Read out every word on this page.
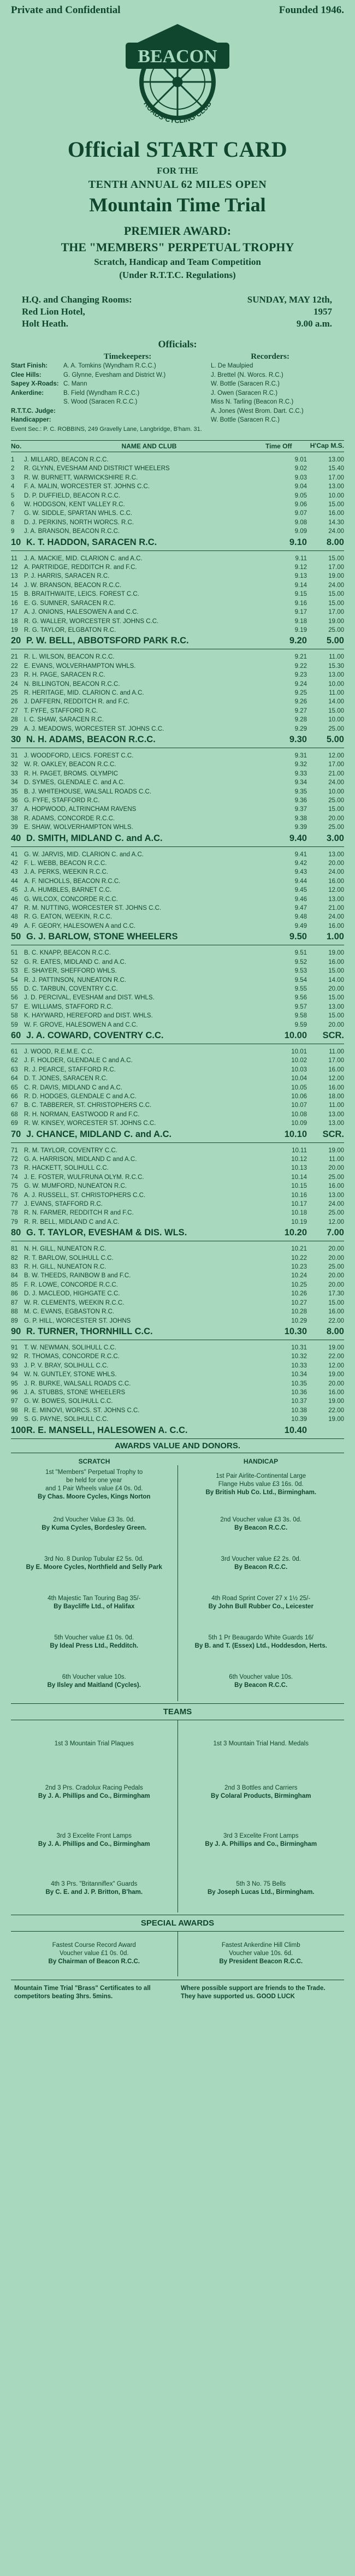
Private and Confidential	Founded 1946.
BEACON
ROADS·CYCLING·CLUB
Official START CARD
FOR THE
TENTH ANNUAL 62 MILES OPEN
Mountain Time Trial
PREMIER AWARD:
THE "MEMBERS" PERPETUAL TROPHY
Scratch, Handicap and Team Competition
(Under R.T.T.C. Regulations)
H.Q. and Changing Rooms:
Red Lion Hotel,
Holt Heath.
SUNDAY, MAY 12th,
1957
9.00 a.m.
Officials:
Timekeepers:	Recorders:
Start Finish:	A. A. Tomkins (Wyndham R.C.C.)	L. De Maulpied
Clee Hills:	G. Glynne, Evesham and District W.)	J. Brettel (N. Worcs. R.C.)
Sapey X-Roads: C. Mann	W. Bottle (Saracen R.C.)
Ankerdine:	B. Field (Wyndham R.C.C.)	J. Owen (Saracen R.C.)
S. Wood (Saracen R.C.C.)	Miss N. Tarling (Beacon R.C.)
R.T.T.C. Judge:	A. Jones (West Brom. Dart. C.C.)
Handicapper:	W. Bottle (Saracen R.C.)
Event Sec.: P. C. ROBBINS, 249 Gravelly Lane, Langbridge, B'ham. 31.
No.	NAME AND CLUB	Time Off	H'Cap M.S.
1	J. MILLARD, BEACON R.C.C.	9.01	13.00
2	R. GLYNN, EVESHAM AND DISTRICT WHEELERS	9.02	15.40
3	R. W. BURNETT, WARWICKSHIRE R.C.	9.03	17.00
4	F. A. MALIN, WORCESTER ST. JOHNS C.C.	9.04	13.00
5	D. P. DUFFIELD, BEACON R.C.C.	9.05	10.00
6	W. HODGSON, KENT VALLEY R.C.	9.06	15.00
7	G. W. SIDDLE, SPARTAN WHLS. C.C.	9.07	16.00
8	D. J. PERKINS, NORTH WORCS. R.C.	9.08	14.30
9	J. A. BRANSON, BEACON R.C.C.	9.09	24.00
10 K. T. HADDON, SARACEN R.C.	9.10	8.00
11	J. A. MACKIE, MID. CLARION C. and A.C.	9.11	15.00
12 A. PARTRIDGE, REDDITCH R. and F.C.	9.12	17.00
13 P. J. HARRIS, SARACEN R.C.	9.13	19.00
14 J. W. BRANSON, BEACON R.C.C.	9.14	24.00
15 B. BRAITHWAITE, LEICS. FOREST C.C.	9.15	15.00
16 E. G. SUMNER, SARACEN R.C.	9.16	15.00
17 A. J. ONIONS, HALESOWEN A and C.C.	9.17	17.00
18 R. G. WALLER, WORCESTER ST. JOHNS C.C.	9.18	19.00
19 R. G. TAYLOR, ELGBATON R.C.	9.19	25.00
20 P. W. BELL, ABBOTSFORD PARK R.C.	9.20	5.00
21 R. L. WILSON, BEACON R.C.C.	9.21	11.00
22 E. EVANS, WOLVERHAMPTON WHLS.	9.22	15.30
23 R. H. PAGE, SARACEN R.C.	9.23	13.00
24 N. BILLINGTON, BEACON R.C.C.	9.24	10.00
25 R. HERITAGE, MID. CLARION C. and A.C.	9.25	11.00
26 J. DAFFERN, REDDITCH R. and F.C.	9.26	14.00
27 T. FYFE, STAFFORD R.C.	9.27	15.00
28 I. C. SHAW, SARACEN R.C.	9.28	10.00
29 A. J. MEADOWS, WORCESTER ST. JOHNS C.C.	9.29	25.00
30 N. H. ADAMS, BEACON R.C.C.	9.30	5.00
31 J. WOODFORD, LEICS. FOREST C.C.	9.31	12.00
32 W. R. OAKLEY, BEACON R.C.C.	9.32	17.00
33 R. H. PAGET, BROMS. OLYMPIC	9.33	21.00
34 D. SYMES, GLENDALE C. and A.C.	9.34	24.00
35 B. J. WHITEHOUSE, WALSALL ROADS C.C.	9.35	10.00
36 G. FYFE, STAFFORD R.C.	9.36	25.00
37 A. HOPWOOD, ALTRINCHAM RAVENS	9.37	15.00
38 R. ADAMS, CONCORDE R.C.C.	9.38	20.00
39 E. SHAW, WOLVERHAMPTON WHLS.	9.39	25.00
40 D. SMITH, MIDLAND C. and A.C.	9.40	3.00
41 G. W. JARVIS, MID. CLARION C. and A.C.	9.41	13.00
42 F. L. WEBB, BEACON R.C.C.	9.42	20.00
43 J. A. PERKS, WEEKIN R.C.C.	9.43	24.00
44 A. F. NICHOLLS, BEACON R.C.C.	9.44	16.00
45 J. A. HUMBLES, BARNET C.C.	9.45	12.00
46 G. WILCOX, CONCORDE R.C.C.	9.46	13.00
47 R. M. NUTTING, WORCESTER ST. JOHNS C.C.	9.47	21.00
48 R. G. EATON, WEEKIN, R.C.C.	9.48	24.00
49 A. F. GEORY, HALESOWEN A and C.C.	9.49	16.00
50 G. J. BARLOW, STONE WHEELERS	9.50	1.00
51 B. C. KNAPP, BEACON R.C.C.	9.51	19.00
52 G. R. EATES, MIDLAND C. and A.C.	9.52	16.00
53 E. SHAYER, SHEFFORD WHLS.	9.53	15.00
54 R. J. PATTINSON, NUNEATON R.C.	9.54	14.00
55 D. C. TARBUN, COVENTRY C.C.	9.55	20.00
56 J. D. PERCIVAL, EVESHAM and DIST. WHLS.	9.56	15.00
57 E. WILLIAMS, STAFFORD R.C.	9.57	13.00
58 K. HAYWARD, HEREFORD and DIST. WHLS.	9.58	15.00
59 W. F. GROVE, HALESOWEN A and C.C.	9.59	20.00
60 J. A. COWARD, COVENTRY C.C.	10.00	SCR.
61 J. WOOD, R.E.M.E. C.C.	10.01	11.00
62 J. F. HOLDER, GLENDALE C and A.C.	10.02	17.00
63 R. J. PEARCE, STAFFORD R.C.	10.03	16.00
64 D. T. JONES, SARACEN R.C.	10.04	12.00
65 C. R. DAVIS, MIDLAND C and A.C.	10.05	16.00
66 R. D. HODGES, GLENDALE C and A.C.	10.06	18.00
67 B. C. TABBERER, ST. CHRISTOPHERS C.C.	10.07	11.00
68 R. H. NORMAN, EASTWOOD R and F.C.	10.08	13.00
69 R. W. KINSEY, WORCESTER ST. JOHNS C.C.	10.09	13.00
70 J. CHANCE, MIDLAND C. and A.C.	10.10	SCR.
71 R. M. TAYLOR, COVENTRY C.C.	10.11	19.00
72 G. A. HARRISON, MIDLAND C and A.C.	10.12	11.00
73 R. HACKETT, SOLIHULL C.C.	10.13	20.00
74 J. E. FOSTER, WULFRUNA OLYM. R.C.C.	10.14	25.00
75 G. W. MUMFORD, NUNEATON R.C.	10.15	16.00
76 A. J. RUSSELL, ST. CHRISTOPHERS C.C.	10.16	13.00
77 J. EVANS, STAFFORD R.C.	10.17	24.00
78 R. N. FARMER, REDDITCH R and F.C.	10.18	25.00
79 R. R. BELL, MIDLAND C and A.C.	10.19	12.00
80 G. T. TAYLOR, EVESHAM & DIS. WLS.	10.20	7.00
81 N. H. GILL, NUNEATON R.C.	10.21	20.00
82 R. T. BARLOW, SOLIHULL C.C.	10.22	20.00
83 R. H. GILL, NUNEATON R.C.	10.23	25.00
84 B. W. THEEDS, RAINBOW B and F.C.	10.24	20.00
85 F. R. LOWE, CONCORDE R.C.C.	10.25	20.00
86 D. J. MACLEOD, HIGHGATE C.C.	10.26	17.30
87 W. R. CLEMENTS, WEEKIN R.C.C.	10.27	15.00
88 M. C. EVANS, EGBASTON R.C.	10.28	16.00
89 G. P. HILL, WORCESTER ST. JOHNS	10.29	22.00
90 R. TURNER, THORNHILL C.C.	10.30	8.00
91 T. W. NEWMAN, SOLIHULL C.C.	10.31	19.00
92 R. THOMAS, CONCORDE R.C.C.	10.32	22.00
93 J. P. V. BRAY, SOLIHULL C.C.	10.33	12.00
94 W. N. GUNTLEY, STONE WHLS.	10.34	19.00
95 J. R. BURKE, WALSALL ROADS C.C.	10.35	20.00
96 J. A. STUBBS, STONE WHEELERS	10.36	16.00
97 G. W. BOWES, SOLIHULL C.C.	10.37	19.00
98 R. E. MINOVI, WORCS. ST. JOHNS C.C.	10.38	22.00
99 S. G. PAYNE, SOLIHULL C.C.	10.39	19.00
100 R. E. MANSELL, HALESOWEN A. C.C.	10.40
AWARDS VALUE AND DONORS.
SCRATCH	HANDICAP
1st "Members" Perpetual Trophy to
be held for one year
and 1 Pair Wheels value £4 0s. 0d.
By Chas. Moore Cycles, Kings Norton
2nd Voucher Value £3 3s. 0d.
By Kuma Cycles, Bordesley Green.
3rd No. 8 Dunlop Tubular £2 5s. 0d.
By E. Moore Cycles, Northfield and Selly Park
4th Majestic Tan Touring Bag 35/-
By Baycliffe Ltd., of Halifax
5th Voucher value £1 0s. 0d.
By Ideal Press Ltd., Redditch.
6th Voucher value 10s.
By Ilsley and Maitland (Cycles).
1st Pair Airlite-Continental Large
Flange Hubs value £3 16s. 0d.
By British Hub Co. Ltd., Birmingham.
2nd Voucher value £3 3s. 0d.
By Beacon R.C.C.
3rd Voucher value £2 2s. 0d.
By Beacon R.C.C.
4th Road Sprint Cover 27 x 1½ 25/-
By John Bull Rubber Co., Leicester
5th 1 Pr Beaugardo White Guards 16/
By B. and T. (Essex) Ltd., Hoddesdon, Herts.
6th Voucher value 10s.
By Beacon R.C.C.
TEAMS
1st 3 Mountain Trial Plaques
2nd 3 Prs. Cradolux Racing Pedals
By J. A. Phillips and Co., Birmingham
3rd 3 Excelite Front Lamps
By J. A. Phillips and Co., Birmingham
4th 3 Prs. "Britanniflex" Guards
By C. E. and J. P. Britton, B'ham.
1st 3 Mountain Trial Hand. Medals
2nd 3 Bottles and Carriers
By Colaral Products, Birmingham
3rd 3 Excelite Front Lamps
By J. A. Phillips and Co., Birmingham
5th 3 No. 75 Bells
By Joseph Lucas Ltd., Birmingham.
SPECIAL AWARDS
Fastest Course Record Award
Voucher value £1 0s. 0d.
By Chairman of Beacon R.C.C.
Fastest Ankerdine Hill Climb
Voucher value 10s. 6d.
By President Beacon R.C.C.
Mountain Time Trial "Brass" Certificates to all competitors beating 3hrs. 5mins.
Where possible support are friends to the Trade. They have supported us. GOOD LUCK
